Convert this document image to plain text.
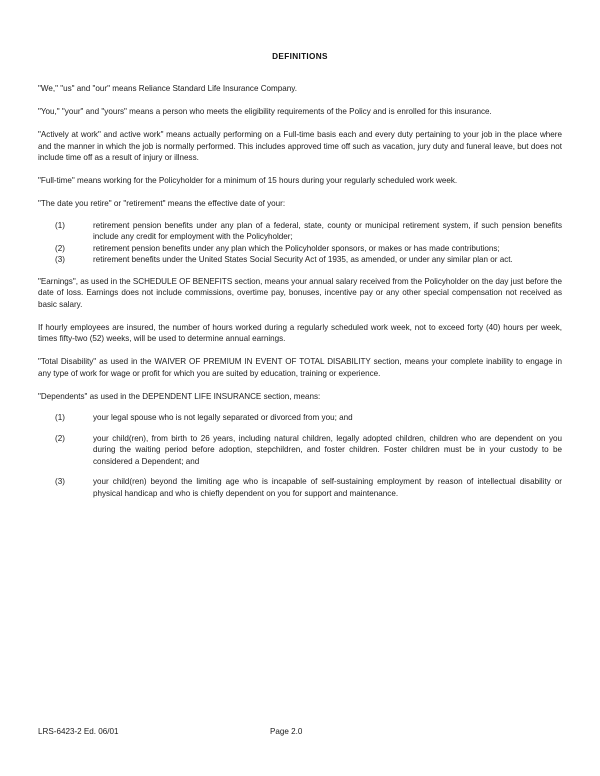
DEFINITIONS

"We," "us" and "our" means Reliance Standard Life Insurance Company.

"You," "your" and "yours" means a person who meets the eligibility requirements of the Policy and is enrolled for this insurance.

"Actively at work" and active work" means actually performing on a Full-time basis each and every duty pertaining to your job in the place where and the manner in which the job is normally performed. This includes approved time off such as vacation, jury duty and funeral leave, but does not include time off as a result of injury or illness.

"Full-time" means working for the Policyholder for a minimum of 15 hours during your regularly scheduled work week.

"The date you retire" or "retirement" means the effective date of your:

(1)	retirement pension benefits under any plan of a federal, state, county or municipal retirement system, if such pension benefits include any credit for employment with the Policyholder;
(2)	retirement pension benefits under any plan which the Policyholder sponsors, or makes or has made contributions;
(3)	retirement benefits under the United States Social Security Act of 1935, as amended, or under any similar plan or act.

"Earnings", as used in the SCHEDULE OF BENEFITS section, means your annual salary received from the Policyholder on the day just before the date of loss. Earnings does not include commissions, overtime pay, bonuses, incentive pay or any other special compensation not received as basic salary.

If hourly employees are insured, the number of hours worked during a regularly scheduled work week, not to exceed forty (40) hours per week, times fifty-two (52) weeks, will be used to determine annual earnings.

"Total Disability" as used in the WAIVER OF PREMIUM IN EVENT OF TOTAL DISABILITY section, means your complete inability to engage in any type of work for wage or profit for which you are suited by education, training or experience.

"Dependents" as used in the DEPENDENT LIFE INSURANCE section, means:

(1)	your legal spouse who is not legally separated or divorced from you; and
(2)	your child(ren), from birth to 26 years, including natural children, legally adopted children, children who are dependent on you during the waiting period before adoption, stepchildren, and foster children. Foster children must be in your custody to be considered a Dependent; and
(3)	your child(ren) beyond the limiting age who is incapable of self-sustaining employment by reason of intellectual disability or physical handicap and who is chiefly dependent on you for support and maintenance.
LRS-6423-2 Ed. 06/01	Page 2.0
